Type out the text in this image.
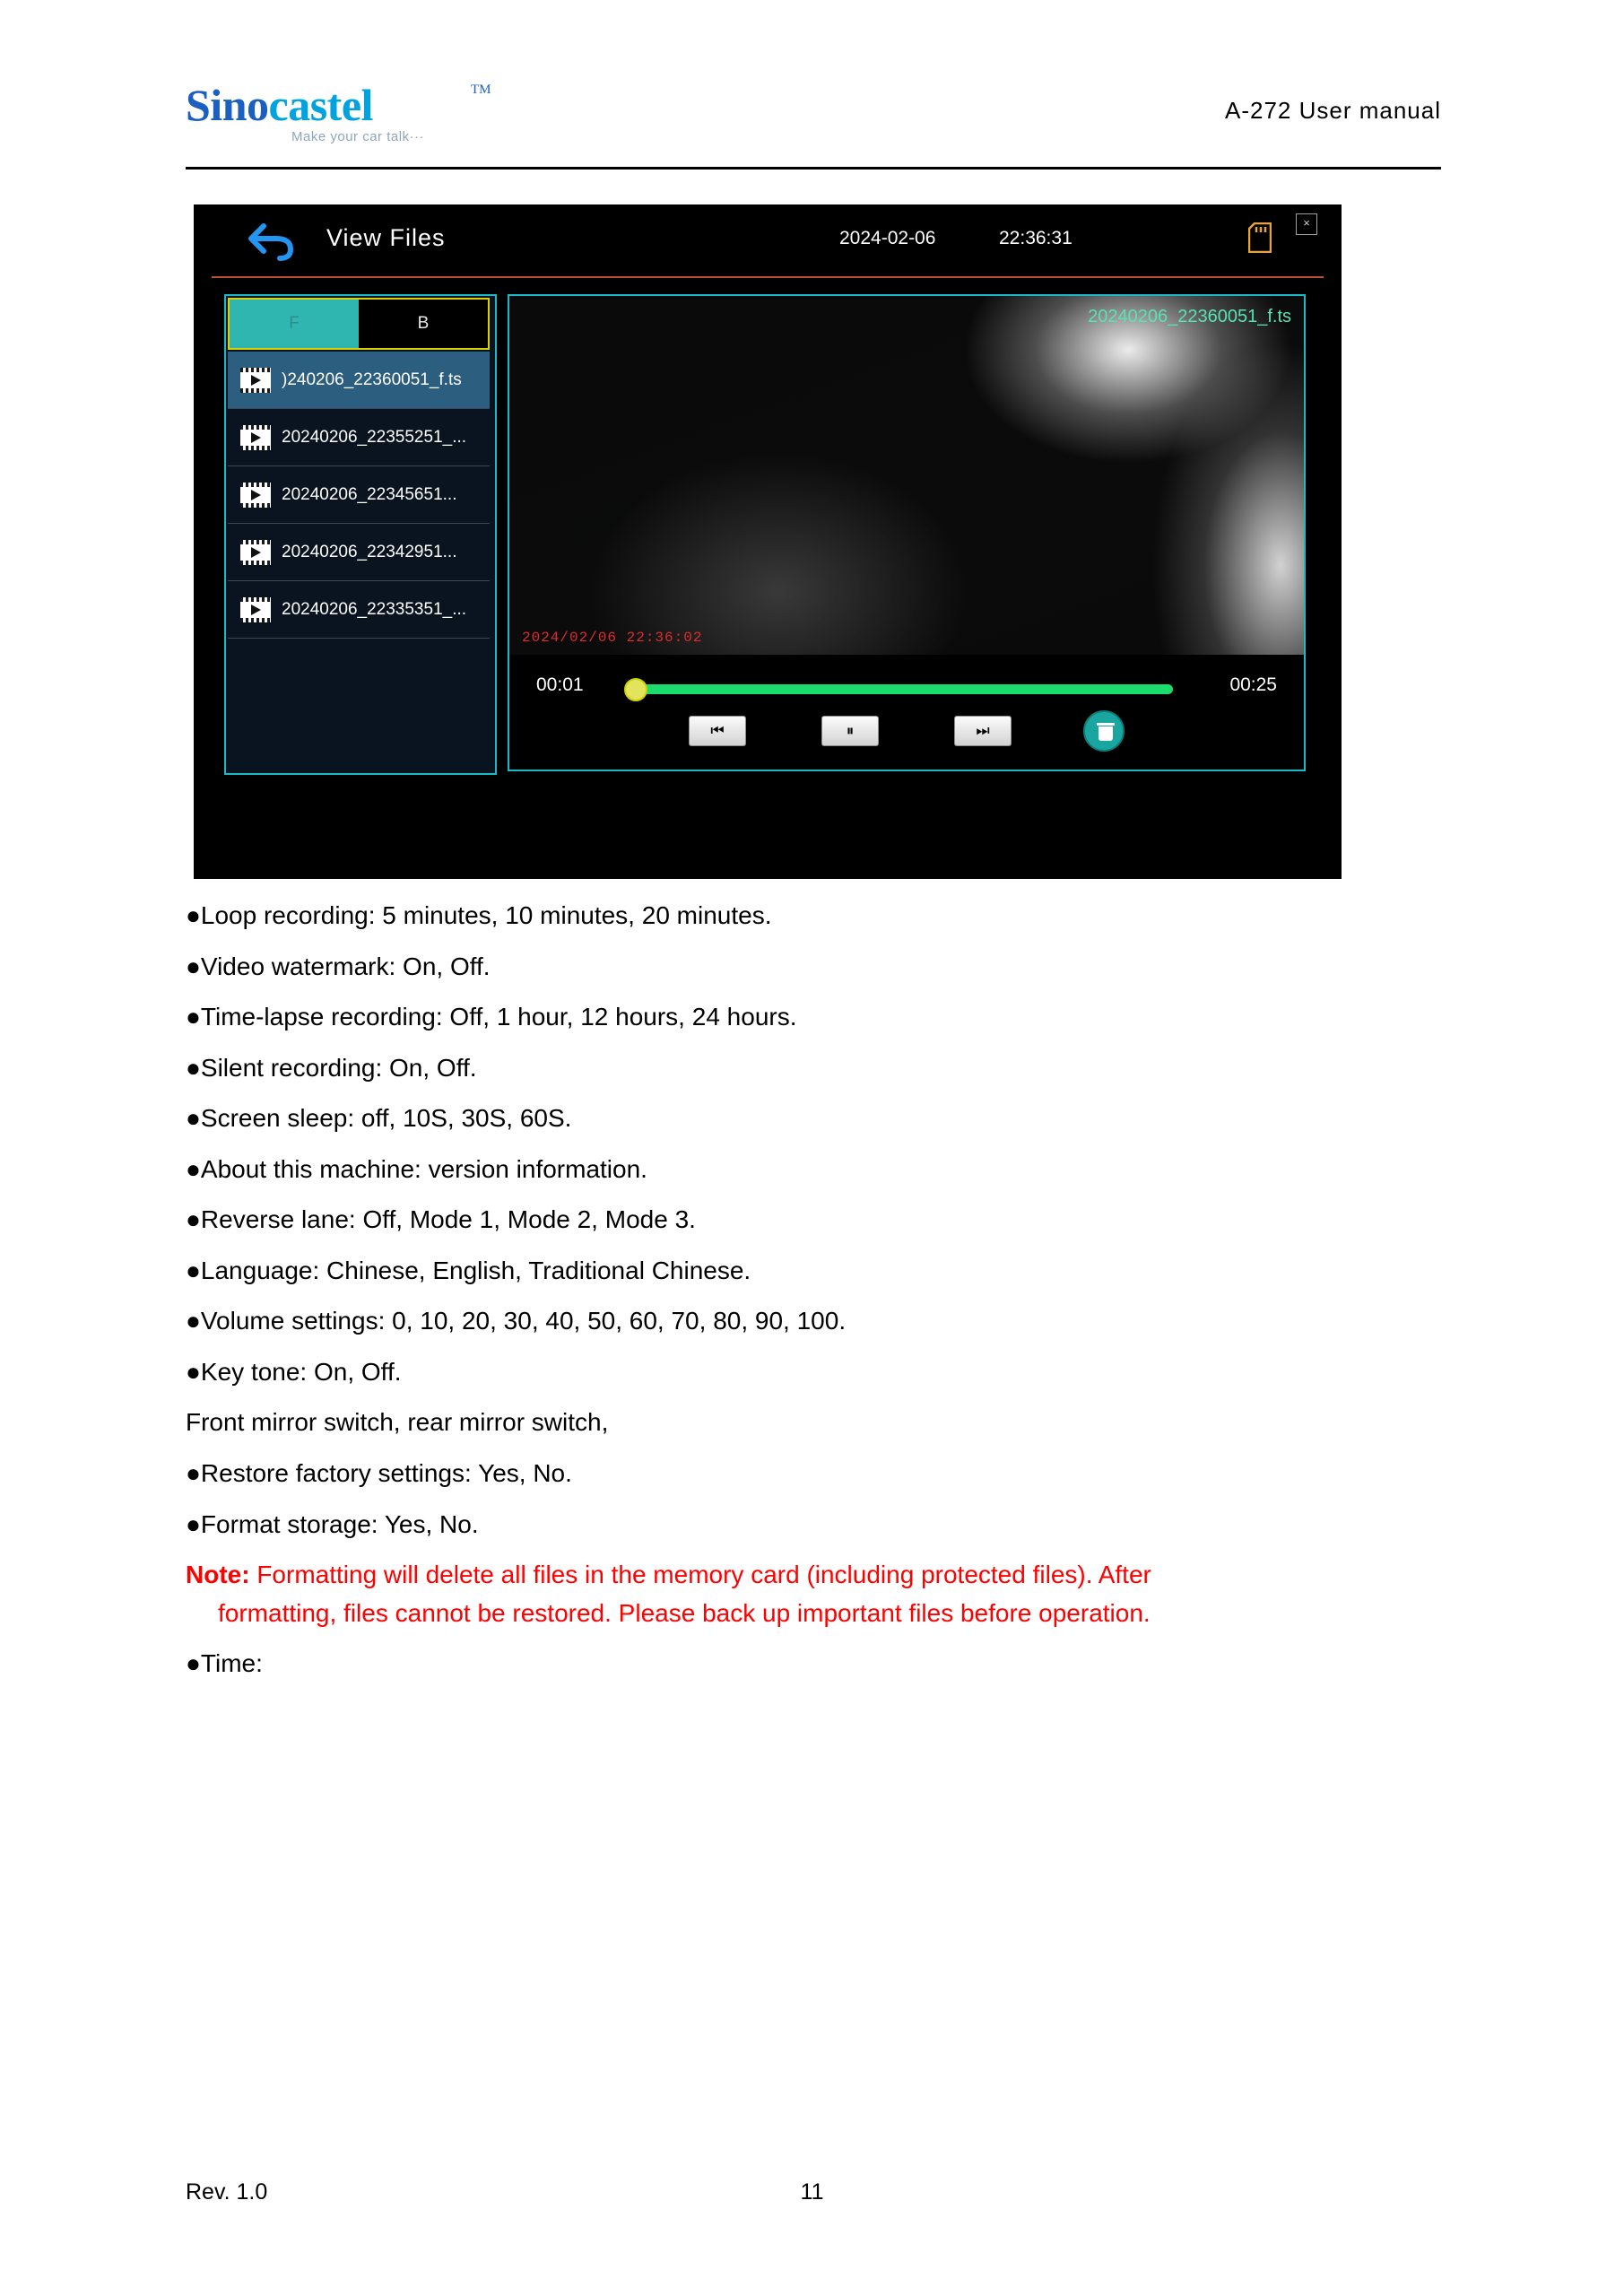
Sinocastel	TM
Make your car talk···
A-272 User manual
View Files	2024-02-06	22:36:31
×
F	B
)240206_22360051_f.ts
20240206_22355251_...
20240206_22345651...
20240206_22342951...
20240206_22335351_...
20240206_22360051_f.ts
2024/02/06 22:36:02
00:01	00:25
⏮	⏸	⏭

●Loop recording: 5 minutes, 10 minutes, 20 minutes.

●Video watermark: On, Off.

●Time-lapse recording: Off, 1 hour, 12 hours, 24 hours.

●Silent recording: On, Off.

●Screen sleep: off, 10S, 30S, 60S.

●About this machine: version information.

●Reverse lane: Off, Mode 1, Mode 2, Mode 3.

●Language: Chinese, English, Traditional Chinese.

●Volume settings: 0, 10, 20, 30, 40, 50, 60, 70, 80, 90, 100.

●Key tone: On, Off.

Front mirror switch, rear mirror switch,

●Restore factory settings: Yes, No.

●Format storage: Yes, No.

Note: Formatting will delete all files in the memory card (including protected files). After
formatting, files cannot be restored. Please back up important files before operation.

●Time:

Rev. 1.0	11
